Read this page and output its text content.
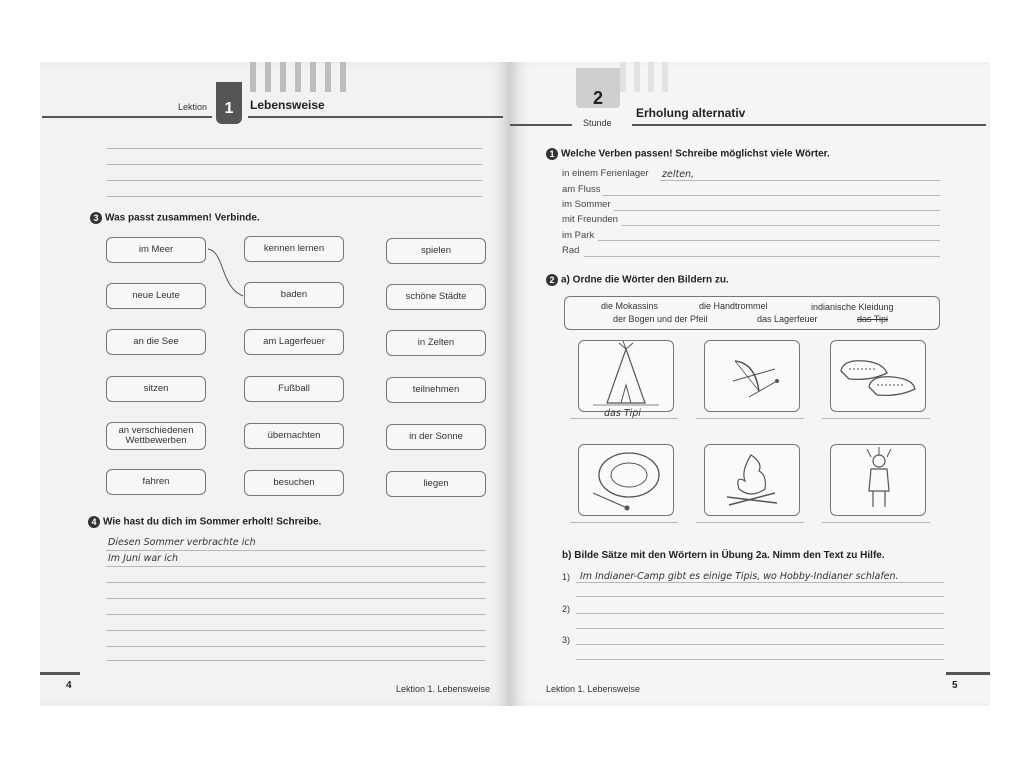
Lektion	1	Lebensweise
3 Was passt zusammen! Verbinde.
im Meer
neue Leute
an die See
sitzen
an verschiedenen Wettbewerben
fahren
kennen lernen
baden
am Lagerfeuer
Fußball
übernachten
besuchen
spielen
schöne Städte
in Zelten
teilnehmen
in der Sonne
liegen
4 Wie hast du dich im Sommer erholt! Schreibe.
Diesen Sommer verbrachte ich
Im Juni war ich
4	Lektion 1. Lebensweise
2
Stunde
Erholung alternativ
1 Welche Verben passen! Schreibe möglichst viele Wörter.
in einem Ferienlager zelten,
am Fluss
im Sommer
mit Freunden
im Park
Rad
2 a) Ordne die Wörter den Bildern zu.
die Mokassins	die Handtrommel	indianische Kleidung
der Bogen und der Pfeil	das Lagerfeuer	das Tipi
das Tipi
b) Bilde Sätze mit den Wörtern in Übung 2a. Nimm den Text zu Hilfe.
1) Im Indianer-Camp gibt es einige Tipis, wo Hobby-Indianer schlafen.
2)
3)
Lektion 1. Lebensweise	5
